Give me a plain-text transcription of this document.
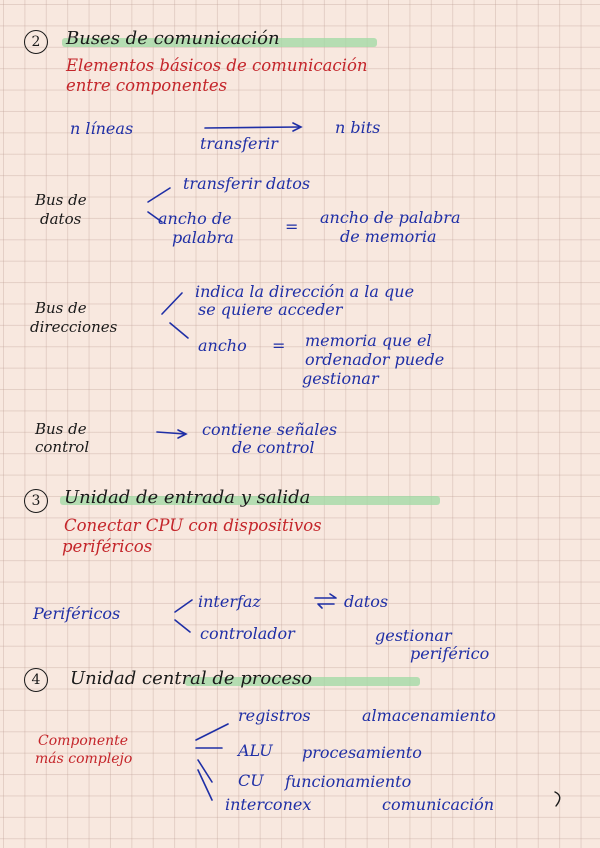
2	Buses de comunicación
Elementos básicos de comunicación
entre componentes
n líneas	n bits
transferir
Bus de
datos
transferir datos
ancho de
palabra
= ancho de palabra
de memoria
Bus de
direcciones
indica la dirección a la que
se quiere acceder
ancho = memoria que el
ordenador puede
gestionar
Bus de
control
contiene señales
de control
3	Unidad de entrada y salida
Conectar CPU con dispositivos
periféricos
Periféricos
interfaz	datos
controlador	gestionar
periférico
4	Unidad central de proceso
Componente
más complejo
registros	almacenamiento
ALU procesamiento
CU funcionamiento
interconex	comunicación
